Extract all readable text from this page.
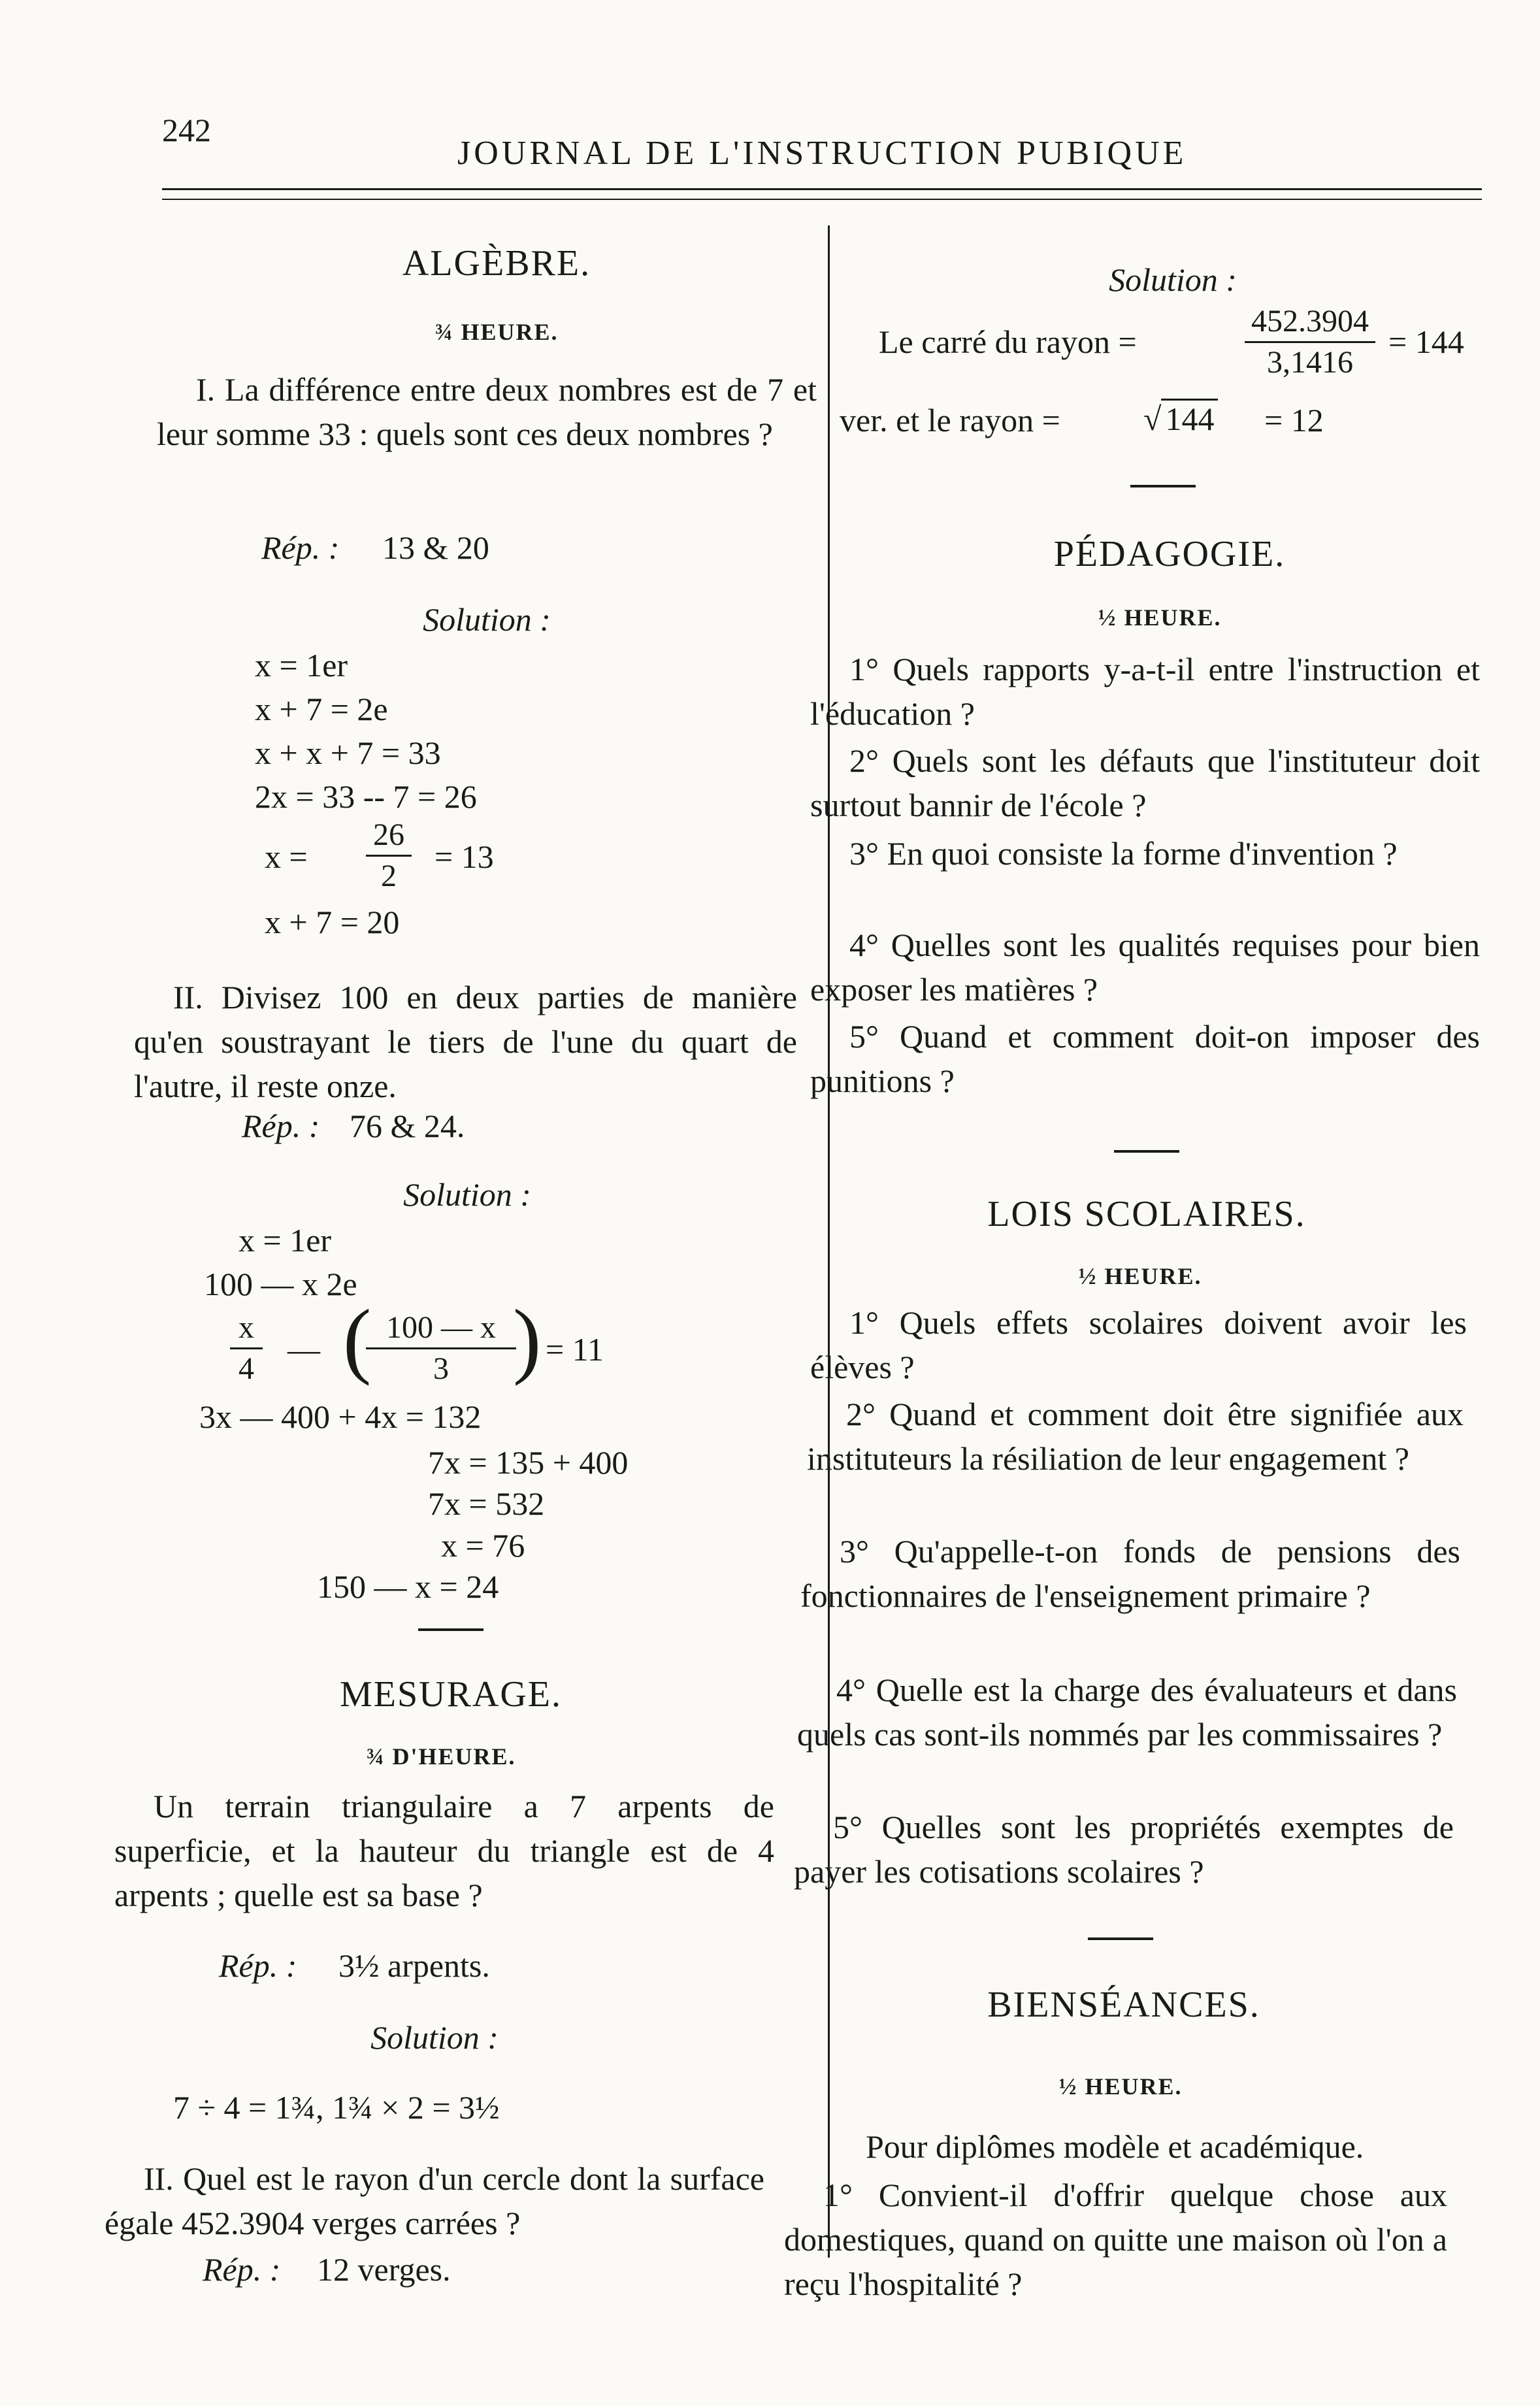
242
JOURNAL DE L'INSTRUCTION PUBIQUE
ALGÈBRE.
¾ HEURE.
I. La différence entre deux nombres est de 7 et leur somme 33 : quels sont ces deux nombres ?
Rép. : 13 & 20
Solution :
x = 1er
x + 7 = 2e
x + x + 7 = 33
2x = 33 -- 7 = 26
$x = \frac{26}{2} = 13$
x + 7 = 20
II. Divisez 100 en deux parties de manière qu'en soustrayant le tiers de l'une du quart de l'autre, il reste onze.
Rép. : 76 & 24.
Solution :
x = 1er
100 — x 2e
$\frac{x}{4}$ — (
$\frac{100 — x}{3}$
) = 11
3x — 400 + 4x = 132
7x = 135 + 400
7x = 532
x = 76
150 — x = 24
MESURAGE.
¾ D'HEURE.
Un terrain triangulaire a 7 arpents de superficie, et la hauteur du triangle est de 4 arpents ; quelle est sa base ?
Rép. : 3½ arpents.
Solution :
7 ÷ 4 = 1¾, 1¾ × 2 = 3½
II. Quel est le rayon d'un cercle dont la surface égale 452.3904 verges carrées ?
Rép. : 12 verges.
Solution :
Le carré du rayon =	$\frac{452.3904}{3,1416} = 144$
ver. et le rayon =	√ 144 = 12
PÉDAGOGIE.
½ HEURE.
1° Quels rapports y-a-t-il entre l'instruction et l'éducation ?
2° Quels sont les défauts que l'instituteur doit surtout bannir de l'école ?
3° En quoi consiste la forme d'invention ?
4° Quelles sont les qualités requises pour bien exposer les matières ?
5° Quand et comment doit-on imposer des punitions ?
LOIS SCOLAIRES.
½ HEURE.
1° Quels effets scolaires doivent avoir les élèves ?
2° Quand et comment doit être signifiée aux instituteurs la résiliation de leur engagement ?
3° Qu'appelle-t-on fonds de pensions des fonctionnaires de l'enseignement primaire ?
4° Quelle est la charge des évaluateurs et dans quels cas sont-ils nommés par les commissaires ?
5° Quelles sont les propriétés exemptes de payer les cotisations scolaires ?
BIENSÉANCES.
½ HEURE.
Pour diplômes modèle et académique.
1° Convient-il d'offrir quelque chose aux domestiques, quand on quitte une maison où l'on a reçu l'hospitalité ?
